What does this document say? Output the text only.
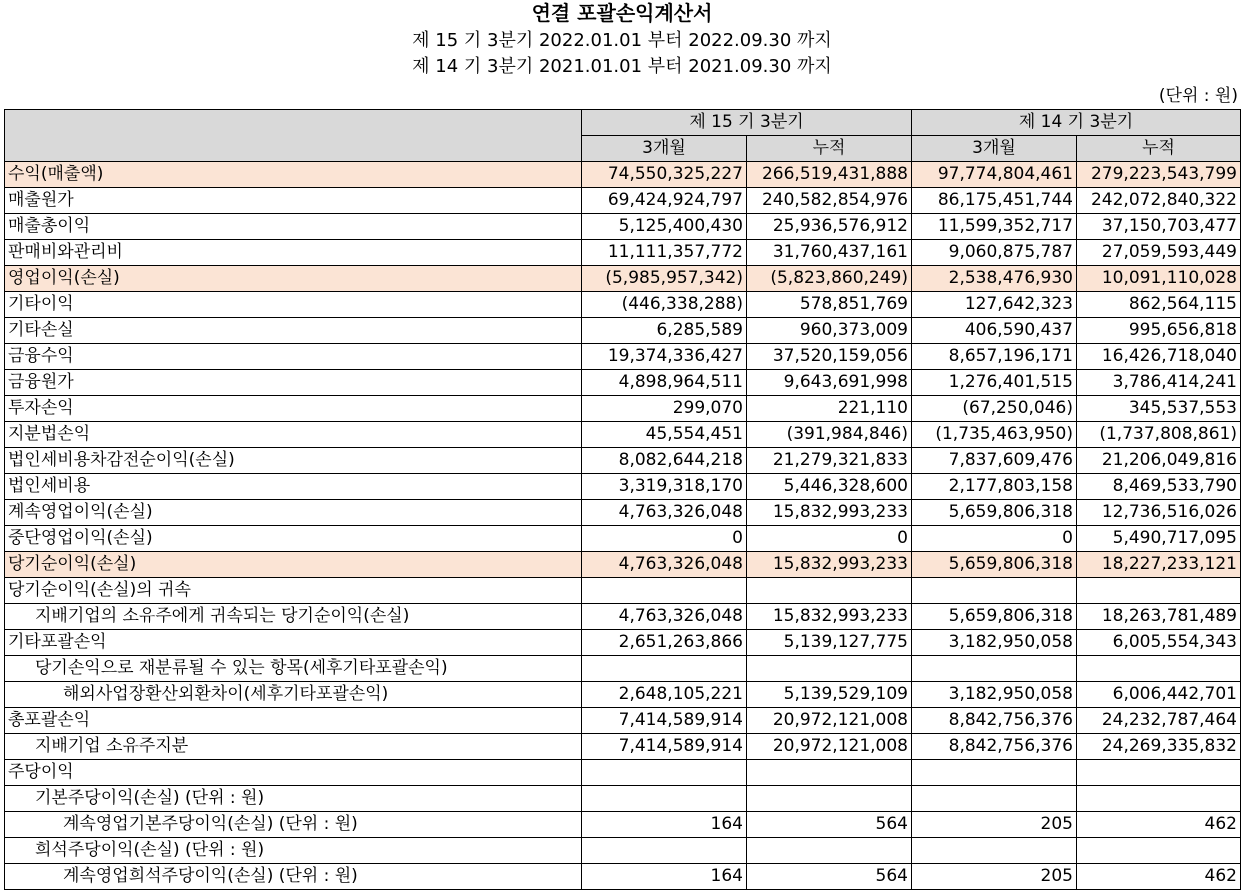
연결 포괄손익계산서
제 15 기 3분기 2022.01.01 부터 2022.09.30 까지
제 14 기 3분기 2021.01.01 부터 2021.09.30 까지
(단위 : 원)
	제 15 기 3분기		제 14 기 3분기	
	3개월	누적	3개월	누적
수익(매출액)	74,550,325,227	266,519,431,888	97,774,804,461	279,223,543,799
매출원가	69,424,924,797	240,582,854,976	86,175,451,744	242,072,840,322
매출총이익	5,125,400,430	25,936,576,912	11,599,352,717	37,150,703,477
판매비와관리비	11,111,357,772	31,760,437,161	9,060,875,787	27,059,593,449
영업이익(손실)	(5,985,957,342)	(5,823,860,249)	2,538,476,930	10,091,110,028
기타이익	(446,338,288)	578,851,769	127,642,323	862,564,115
기타손실	6,285,589	960,373,009	406,590,437	995,656,818
금융수익	19,374,336,427	37,520,159,056	8,657,196,171	16,426,718,040
금융원가	4,898,964,511	9,643,691,998	1,276,401,515	3,786,414,241
투자손익	299,070	221,110	(67,250,046)	345,537,553
지분법손익	45,554,451	(391,984,846)	(1,735,463,950)	(1,737,808,861)
법인세비용차감전순이익(손실)	8,082,644,218	21,279,321,833	7,837,609,476	21,206,049,816
법인세비용	3,319,318,170	5,446,328,600	2,177,803,158	8,469,533,790
계속영업이익(손실)	4,763,326,048	15,832,993,233	5,659,806,318	12,736,516,026
중단영업이익(손실)	0	0	0	5,490,717,095
당기순이익(손실)	4,763,326,048	15,832,993,233	5,659,806,318	18,227,233,121
당기순이익(손실)의 귀속				
지배기업의 소유주에게 귀속되는 당기순이익(손실)	4,763,326,048	15,832,993,233	5,659,806,318	18,263,781,489
기타포괄손익	2,651,263,866	5,139,127,775	3,182,950,058	6,005,554,343
당기손익으로 재분류될 수 있는 항목(세후기타포괄손익)				
해외사업장환산외환차이(세후기타포괄손익)	2,648,105,221	5,139,529,109	3,182,950,058	6,006,442,701
총포괄손익	7,414,589,914	20,972,121,008	8,842,756,376	24,232,787,464
지배기업 소유주지분	7,414,589,914	20,972,121,008	8,842,756,376	24,269,335,832
주당이익				
기본주당이익(손실) (단위 : 원)				
계속영업기본주당이익(손실) (단위 : 원)	164	564	205	462
희석주당이익(손실) (단위 : 원)				
계속영업희석주당이익(손실) (단위 : 원)	164	564	205	462
